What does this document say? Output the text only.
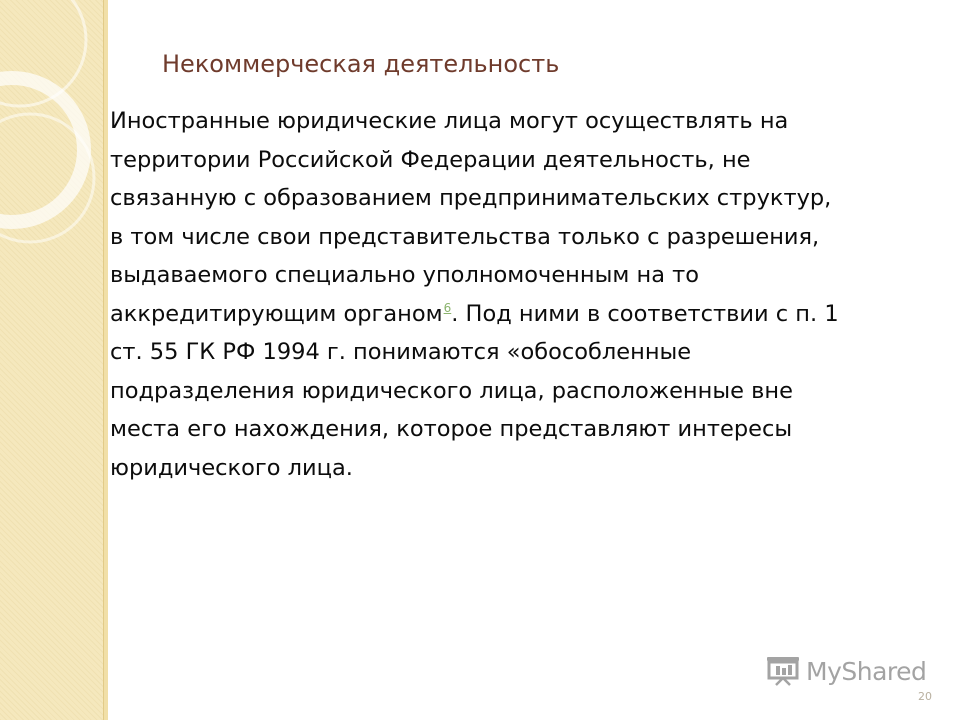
Некоммерческая деятельность

Иностранные юридические лица могут осуществлять на территории Российской Федерации деятельность, не связанную с образованием предпринимательских структур, в том числе свои представительства только с разрешения, выдаваемого специально уполномоченным на то аккредитирующим органом$^6$. Под ними в соответствии с п. 1 ст. 55 ГК РФ 1994 г. понимаются «обособленные подразделения юридического лица, расположенные вне места его нахождения, которое представляют интересы юридического лица.

MyShared
20
